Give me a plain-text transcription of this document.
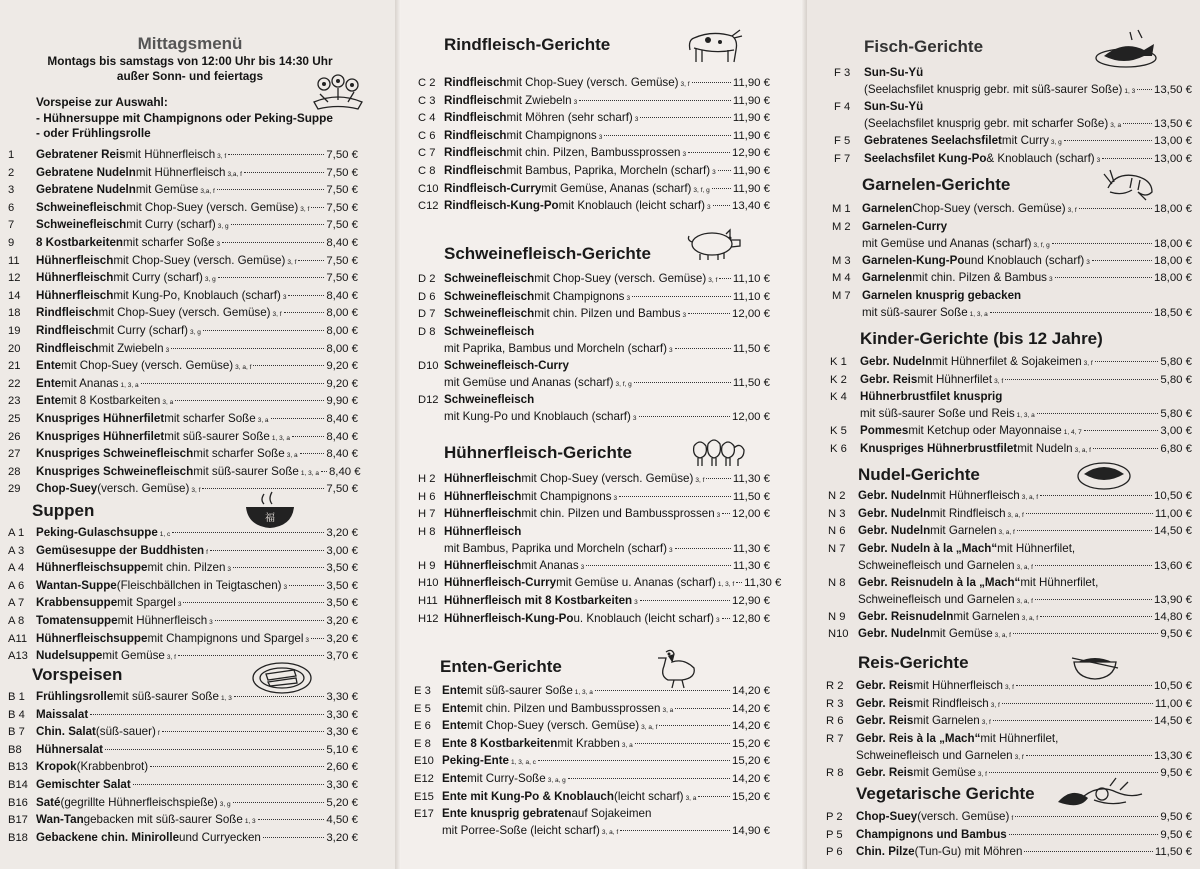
Mittagsmenü
Montags bis samstags von 12:00 Uhr bis 14:30 Uhr
außer Sonn- und feiertags
Vorspeise zur Auswahl:
- Hühnersuppe mit Champignons oder Peking-Suppe
- oder Frühlingsrolle
1	Gebratener Reis mit Hühnerfleisch 3, f	7,50 €
2	Gebratene Nudeln mit Hühnerfleisch 3,a, f	7,50 €
3	Gebratene Nudeln mit Gemüse 3,a, f	7,50 €
6	Schweinefleisch mit Chop-Suey (versch. Gemüse) 3, f 7,50 €
7	Schweinefleisch mit Curry (scharf) 3, g	7,50 €
9	8 Kostbarkeiten mit scharfer Soße 3	8,40 €
11	Hühnerfleisch mit Chop-Suey (versch. Gemüse) 3, f	7,50 €
12	Hühnerfleisch mit Curry (scharf) 3, g	7,50 €
14	Hühnerfleisch mit Kung-Po, Knoblauch (scharf) 3	8,40 €
18	Rindfleisch mit Chop-Suey (versch. Gemüse) 3, f	8,00 €
19	Rindfleisch mit Curry (scharf) 3, g	8,00 €
20	Rindfleisch mit Zwiebeln 3	8,00 €
21	Ente mit Chop-Suey (versch. Gemüse) 3, a, f	9,20 €
22	Ente mit Ananas 1, 3, a	9,20 €
23	Ente mit 8 Kostbarkeiten 3, a	9,90 €
25	Knuspriges Hühnerfilet mit scharfer Soße 3, a	8,40 €
26	Knuspriges Hühnerfilet mit süß-saurer Soße 1, 3, a	8,40 €
27	Knuspriges Schweinefleisch mit scharfer Soße 3, a	8,40 €
28	Knuspriges Schweinefleisch mit süß-saurer Soße 1, 3, a 8,40 €
29	Chop-Suey (versch. Gemüse) 3, f	7,50 €
Suppen
A 1	Peking-Gulaschsuppe 1, c	3,20 €
A 3	Gemüsesuppe der Buddhisten f	3,00 €
A 4	Hühnerfleischsuppe mit chin. Pilzen 3	3,50 €
A 6	Wantan-Suppe (Fleischbällchen in Teigtaschen) 3	3,50 €
A 7	Krabbensuppe mit Spargel 3	3,50 €
A 8	Tomatensuppe mit Hühnerfleisch 3	3,20 €
A11 Hühnerfleischsuppe mit Champignons und Spargel 3 3,20 €
A13 Nudelsuppe mit Gemüse 3, f	3,70 €
Vorspeisen
B 1 Frühlingsrolle mit süß-saurer Soße 1, 3	3,30 €
B 4 Maissalat	3,30 €
B 7 Chin. Salat (süß-sauer) f	3,30 €
B8	Hühnersalat	5,10 €
B13 Kropok (Krabbenbrot)	2,60 €
B14 Gemischter Salat	3,30 €
B16 Saté (gegrillte Hühnerfleischspieße) 3, g	5,20 €
B17 Wan-Tan gebacken mit süß-saurer Soße 1, 3	4,50 €
B18 Gebackene chin. Minirolle und Curryecken	3,20 €
Rindfleisch-Gerichte
C 2 Rindfleisch mit Chop-Suey (versch. Gemüse) 3, f	11,90 €
C 3 Rindfleisch mit Zwiebeln 3	11,90 €
C 4 Rindfleisch mit Möhren (sehr scharf) 3	11,90 €
C 6 Rindfleisch mit Champignons 3	11,90 €
C 7 Rindfleisch mit chin. Pilzen, Bambussprossen 3	12,90 €
C 8 Rindfleisch mit Bambus, Paprika, Morcheln (scharf) 3 11,90 €
C10 Rindfleisch-Curry mit Gemüse, Ananas (scharf) 3, f, g 11,90 €
C12 Rindfleisch-Kung-Po mit Knoblauch (leicht scharf) 3 13,40 €
Schweinefleisch-Gerichte
D 2 Schweinefleisch mit Chop-Suey (versch. Gemüse) 3, f 11,10 €
D 6 Schweinefleisch mit Champignons 3	11,10 €
D 7 Schweinefleisch mit chin. Pilzen und Bambus 3	12,00 €
D 8 Schweinefleisch
mit Paprika, Bambus und Morcheln (scharf) 3	11,50 €
D10 Schweinefleisch-Curry
mit Gemüse und Ananas (scharf) 3, f, g	11,50 €
D12 Schweinefleisch
mit Kung-Po und Knoblauch (scharf) 3	12,00 €
Hühnerfleisch-Gerichte
H 2 Hühnerfleisch mit Chop-Suey (versch. Gemüse) 3, f 11,30 €
H 6 Hühnerfleisch mit Champignons 3	11,50 €
H 7 Hühnerfleisch mit chin. Pilzen und Bambussprossen 3 12,00 €
H 8 Hühnerfleisch
mit Bambus, Paprika und Morcheln (scharf) 3	11,30 €
H 9 Hühnerfleisch mit Ananas 3	11,30 €
H10 Hühnerfleisch-Curry mit Gemüse u. Ananas (scharf) 1, 3, f 11,30 €
H11 Hühnerfleisch mit 8 Kostbarkeiten 3	12,90 €
H12 Hühnerfleisch-Kung-Po u. Knoblauch (leicht scharf) 3 12,80 €
Enten-Gerichte
E 3 Ente mit süß-saurer Soße 1, 3, a	14,20 €
E 5 Ente mit chin. Pilzen und Bambussprossen 3, a	14,20 €
E 6 Ente mit Chop-Suey (versch. Gemüse) 3, a, f	14,20 €
E 8 Ente 8 Kostbarkeiten mit Krabben 3, a	15,20 €
E10 Peking-Ente 1, 3, a, c	15,20 €
E12 Ente mit Curry-Soße 3, a, g	14,20 €
E15 Ente mit Kung-Po & Knoblauch (leicht scharf) 3, a	15,20 €
E17 Ente knusprig gebraten auf Sojakeimen
mit Porree-Soße (leicht scharf) 3, a, f	14,90 €
Fisch-Gerichte
F 3	Sun-Su-Yü
(Seelachsfilet knusprig gebr. mit süß-saurer Soße) 1, 3 13,50 €
F 4	Sun-Su-Yü
(Seelachsfilet knusprig gebr. mit scharfer Soße) 3, a	13,50 €
F 5	Gebratenes Seelachsfilet mit Curry 3, g	13,00 €
F 7	Seelachsfilet Kung-Po & Knoblauch (scharf) 3	13,00 €
Garnelen-Gerichte
M 1 Garnelen Chop-Suey (versch. Gemüse) 3, f	18,00 €
M 2 Garnelen-Curry
mit Gemüse und Ananas (scharf) 3, f, g	18,00 €
M 3 Garnelen-Kung-Po und Knoblauch (scharf) 3	18,00 €
M 4 Garnelen mit chin. Pilzen & Bambus 3	18,00 €
M 7 Garnelen knusprig gebacken
mit süß-saurer Soße 1, 3, a	18,50 €
Kinder-Gerichte (bis 12 Jahre)
K 1	Gebr. Nudeln mit Hühnerfilet & Sojakeimen 3, f	5,80 €
K 2	Gebr. Reis mit Hühnerfilet 3, f	5,80 €
K 4	Hühnerbrustfilet knusprig
mit süß-saurer Soße und Reis 1, 3, a	5,80 €
K 5	Pommes mit Ketchup oder Mayonnaise 1, 4, 7	3,00 €
K 6	Knuspriges Hühnerbrustfilet mit Nudeln 3, a, f	6,80 €
Nudel-Gerichte
N 2	Gebr. Nudeln mit Hühnerfleisch 3, a, f	10,50 €
N 3	Gebr. Nudeln mit Rindfleisch 3, a, f	11,00 €
N 6	Gebr. Nudeln mit Garnelen 3, a, f	14,50 €
N 7	Gebr. Nudeln à la „Mach“ mit Hühnerfilet,
Schweinefleisch und Garnelen 3, a, f	13,60 €
N 8	Gebr. Reisnudeln à la „Mach“ mit Hühnerfilet,
Schweinefleisch und Garnelen 3, a, f	13,90 €
N 9	Gebr. Reisnudeln mit Garnelen 3, a, f	14,80 €
N10 Gebr. Nudeln mit Gemüse 3, a, f	9,50 €
Reis-Gerichte
R 2	Gebr. Reis mit Hühnerfleisch 3, f	10,50 €
R 3	Gebr. Reis mit Rindfleisch 3, f	11,00 €
R 6	Gebr. Reis mit Garnelen 3, f	14,50 €
R 7	Gebr. Reis à la „Mach“ mit Hühnerfilet,
Schweinefleisch und Garnelen 3, f	13,30 €
R 8	Gebr. Reis mit Gemüse 3, f	9,50 €
Vegetarische Gerichte
P 2	Chop-Suey (versch. Gemüse) f	9,50 €
P 5	Champignons und Bambus	9,50 €
P 6	Chin. Pilze (Tun-Gu) mit Möhren	11,50 €
福
